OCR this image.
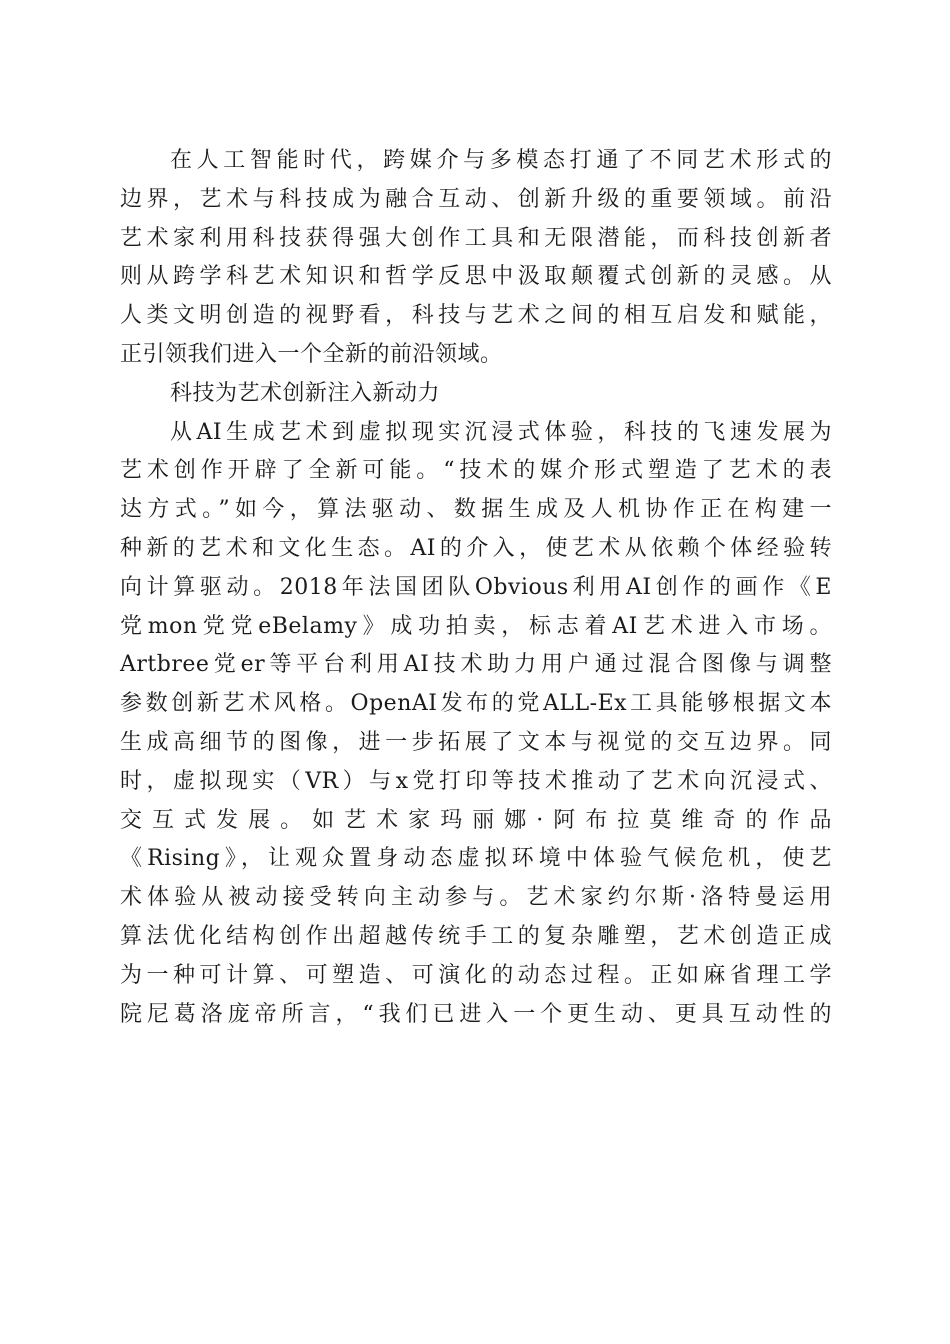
在人工智能时代，跨媒介与多模态打通了不同艺术形式的
边界，艺术与科技成为融合互动、创新升级的重要领域。前沿
艺术家利用科技获得强大创作工具和无限潜能，而科技创新者
则从跨学科艺术知识和哲学反思中汲取颠覆式创新的灵感。从
人类文明创造的视野看，科技与艺术之间的相互启发和赋能，
正引领我们进入一个全新的前沿领域。
科技为艺术创新注入新动力
从AI生成艺术到虚拟现实沉浸式体验，科技的飞速发展为
艺术创作开辟了全新可能。“技术的媒介形式塑造了艺术的表
达方式。”如今，算法驱动、数据生成及人机协作正在构建一
种新的艺术和文化生态。AI的介入，使艺术从依赖个体经验转
向计算驱动。2018年法国团队Obvious利用AI创作的画作《E
党mon党党eBelamy》成功拍卖，标志着AI艺术进入市场。
Artbree党er等平台利用AI技术助力用户通过混合图像与调整
参数创新艺术风格。OpenAI发布的党ALL-Ex工具能够根据文本
生成高细节的图像，进一步拓展了文本与视觉的交互边界。同
时，虚拟现实（VR）与x党打印等技术推动了艺术向沉浸式、
交互式发展。如艺术家玛丽娜·阿布拉莫维奇的作品
《Rising》，让观众置身动态虚拟环境中体验气候危机，使艺
术体验从被动接受转向主动参与。艺术家约尔斯·洛特曼运用
算法优化结构创作出超越传统手工的复杂雕塑，艺术创造正成
为一种可计算、可塑造、可演化的动态过程。正如麻省理工学
院尼葛洛庞帝所言，“我们已进入一个更生动、更具互动性的
